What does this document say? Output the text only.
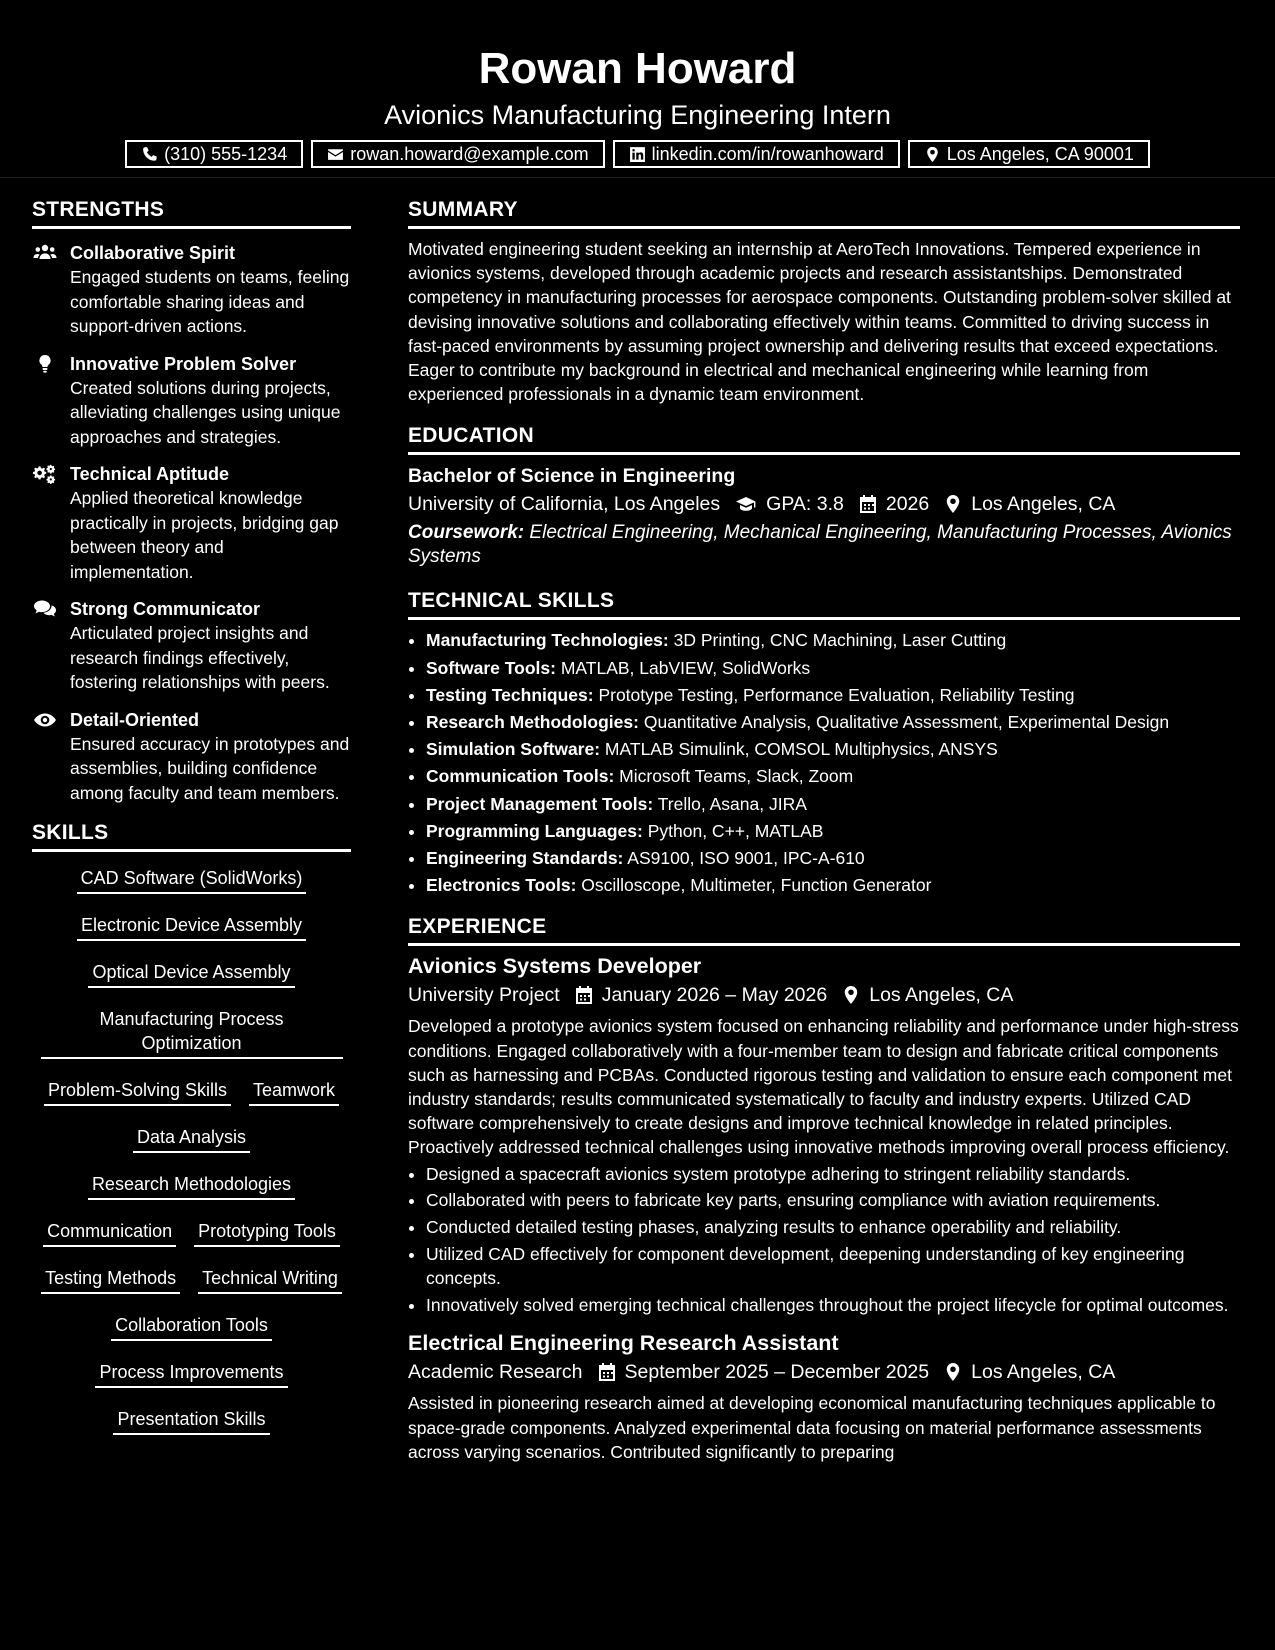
Rowan Howard
Avionics Manufacturing Engineering Intern
(310) 555-1234	rowan.howard@example.com	linkedin.com/in/rowanhoward	Los Angeles, CA 90001
STRENGTHS
Collaborative Spirit
Engaged students on teams, feeling comfortable sharing ideas and support-driven actions.
Innovative Problem Solver
Created solutions during projects, alleviating challenges using unique approaches and strategies.
Technical Aptitude
Applied theoretical knowledge practically in projects, bridging gap between theory and implementation.
Strong Communicator
Articulated project insights and research findings effectively, fostering relationships with peers.
Detail-Oriented
Ensured accuracy in prototypes and assemblies, building confidence among faculty and team members.
SKILLS
CAD Software (SolidWorks)
Electronic Device Assembly
Optical Device Assembly
Manufacturing Process Optimization
Problem-Solving Skills Teamwork
Data Analysis
Research Methodologies
Communication Prototyping Tools
Testing Methods Technical Writing
Collaboration Tools
Process Improvements
Presentation Skills
SUMMARY

Motivated engineering student seeking an internship at AeroTech Innovations. Tempered experience in avionics systems, developed through academic projects and research assistantships. Demonstrated competency in manufacturing processes for aerospace components. Outstanding problem-solver skilled at devising innovative solutions and collaborating effectively within teams. Committed to driving success in fast-paced environments by assuming project ownership and delivering results that exceed expectations. Eager to contribute my background in electrical and mechanical engineering while learning from experienced professionals in a dynamic team environment.

EDUCATION
Bachelor of Science in Engineering
University of California, Los Angeles GPA: 3.8 2026 Los Angeles, CA
Coursework: Electrical Engineering, Mechanical Engineering, Manufacturing Processes, Avionics Systems
TECHNICAL SKILLS
• Manufacturing Technologies: 3D Printing, CNC Machining, Laser Cutting
• Software Tools: MATLAB, LabVIEW, SolidWorks
• Testing Techniques: Prototype Testing, Performance Evaluation, Reliability Testing
• Research Methodologies: Quantitative Analysis, Qualitative Assessment, Experimental Design
• Simulation Software: MATLAB Simulink, COMSOL Multiphysics, ANSYS
• Communication Tools: Microsoft Teams, Slack, Zoom
• Project Management Tools: Trello, Asana, JIRA
• Programming Languages: Python, C++, MATLAB
• Engineering Standards: AS9100, ISO 9001, IPC-A-610
• Electronics Tools: Oscilloscope, Multimeter, Function Generator
EXPERIENCE
Avionics Systems Developer
University Project January 2026 – May 2026 Los Angeles, CA

Developed a prototype avionics system focused on enhancing reliability and performance under high-stress conditions. Engaged collaboratively with a four-member team to design and fabricate critical components such as harnessing and PCBAs. Conducted rigorous testing and validation to ensure each component met industry standards; results communicated systematically to faculty and industry experts. Utilized CAD software comprehensively to create designs and improve technical knowledge in related principles. Proactively addressed technical challenges using innovative methods improving overall process efficiency.

• Designed a spacecraft avionics system prototype adhering to stringent reliability standards.
• Collaborated with peers to fabricate key parts, ensuring compliance with aviation requirements.
• Conducted detailed testing phases, analyzing results to enhance operability and reliability.
• Utilized CAD effectively for component development, deepening understanding of key engineering concepts.
• Innovatively solved emerging technical challenges throughout the project lifecycle for optimal outcomes.
Electrical Engineering Research Assistant
Academic Research September 2025 – December 2025 Los Angeles, CA

Assisted in pioneering research aimed at developing economical manufacturing techniques applicable to space-grade components. Analyzed experimental data focusing on material performance assessments across varying scenarios. Contributed significantly to preparing
